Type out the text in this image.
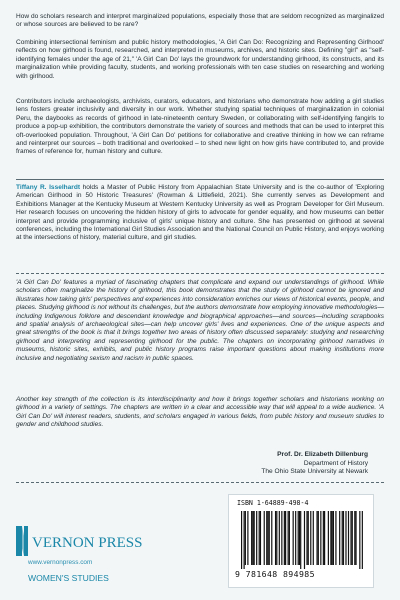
How do scholars research and interpret marginalized populations, especially those that are seldom recognized as marginalized or whose sources are believed to be rare?

Combining intersectional feminism and public history methodologies, 'A Girl Can Do: Recognizing and Representing Girlhood' reflects on how girlhood is found, researched, and interpreted in museums, archives, and historic sites. Defining "girl" as "self-identifying females under the age of 21," 'A Girl Can Do' lays the groundwork for understanding girlhood, its constructs, and its marginalization while providing faculty, students, and working professionals with ten case studies on researching and working with girlhood.

Contributors include archaeologists, archivists, curators, educators, and historians who demonstrate how adding a girl studies lens fosters greater inclusivity and diversity in our work. Whether studying spatial techniques of marginalization in colonial Peru, the daybooks as records of girlhood in late-nineteenth century Sweden, or collaborating with self-identifying fangirls to produce a pop-up exhibition, the contributors demonstrate the variety of sources and methods that can be used to interpret this oft-overlooked population. Throughout, 'A Girl Can Do' petitions for collaborative and creative thinking in how we can reframe and reinterpret our sources – both traditional and overlooked – to shed new light on how girls have contributed to, and provide frames of reference for, human history and culture.

Tiffany R. Isselhardt holds a Master of Public History from Appalachian State University and is the co-author of 'Exploring American Girlhood in 50 Historic Treasures' (Rowman & Littlefield, 2021). She currently serves as Development and Exhibitions Manager at the Kentucky Museum at Western Kentucky University as well as Program Developer for Girl Museum. Her research focuses on uncovering the hidden history of girls to advocate for gender equality, and how museums can better interpret and provide programming inclusive of girls' unique history and culture. She has presented on girlhood at several conferences, including the International Girl Studies Association and the National Council on Public History, and enjoys working at the intersections of history, material culture, and girl studies.

'A Girl Can Do' features a myriad of fascinating chapters that complicate and expand our understandings of girlhood. While scholars often marginalize the history of girlhood, this book demonstrates that the study of girlhood cannot be ignored and illustrates how taking girls' perspectives and experiences into consideration enriches our views of historical events, people, and places. Studying girlhood is not without its challenges, but the authors demonstrate how employing innovative methodologies—including Indigenous folklore and descendant knowledge and biographical approaches—and sources—including scrapbooks and spatial analysis of archaeological sites—can help uncover girls' lives and experiences. One of the unique aspects and great strengths of the book is that it brings together two areas of history often discussed separately: studying and researching girlhood and interpreting and representing girlhood for the public. The chapters on incorporating girlhood narratives in museums, historic sites, exhibits, and public history programs raise important questions about making institutions more inclusive and negotiating sexism and racism in public spaces.

Another key strength of the collection is its interdisciplinarity and how it brings together scholars and historians working on girlhood in a variety of settings. The chapters are written in a clear and accessible way that will appeal to a wide audience. 'A Girl Can Do' will interest readers, students, and scholars engaged in various fields, from public history and museum studies to gender and childhood studies.

Prof. Dr. Elizabeth Dillenburg
Department of History
The Ohio State University at Newark
VERNON PRESS
www.vernonpress.com
WOMEN'S STUDIES
ISBN 1-64889-498-4
9 781648 894985
